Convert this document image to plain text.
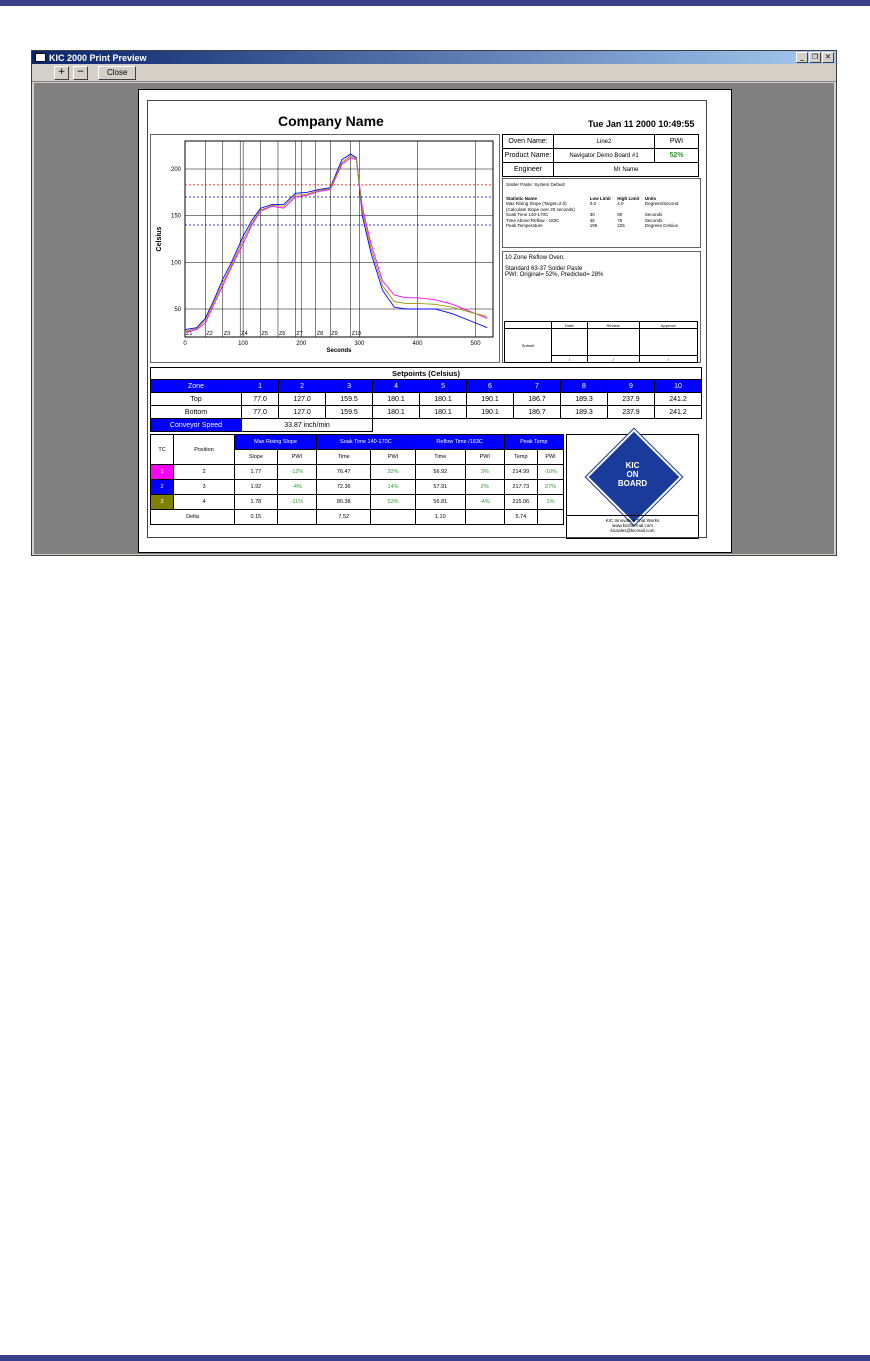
KIC 2000 Print Preview	_	❐ ✕
+	−	Close
Company Name	Tue Jan 11 2000 10:49:55
50
100
150
200
0	100	200	300	400	500
Z1	Z2 Z3 Z4	Z5 Z6 Z7	Z8 Z9	Z10
Seconds
Celsius
Oven Name:	Line2	PWI
Product Name:	Navigator Demo Board #1	52%
Engineer	Mr Name	
Solder Paste: System Default
Statistic Name	Low Limit	High Limit	Units
Max Rising Slope (Target=2.0)	0.0	4.0	Degrees/Second
(Calculate Slope over 20 seconds)
Soak Time 140-170C	30	90	Seconds
Time Above Reflow - 183C	45	75	Seconds
Peak Temperature	195	225	Degrees Celsius
10 Zone Reflow Oven.
Standard 63-37 Solder Paste
PWI: Original= 52%, Predicted= 28%
	Draft	Review	Approve
Submit			
	/	/	/
Setpoints (Celsius)
Zone	1	2	3	4	5	6	7	8	9	10
Top	77.0	127.0	159.5	180.1	180.1	190.1	186.7	189.3	237.9	241.2
Bottom	77.0	127.0	159.5	180.1	180.1	190.1	186.7	189.3	237.9	241.2
Conveyor Speed	33.87 inch/min									
TC	Position	Max Rising Slope		Soak Time 140-170C		Reflow Time /183C		Peak Temp	
		Slope	PWI	Time	PWI	Time	PWI	Temp	PWI
1	2	1.77	-12%	76.47	32%	56.92	3%	214.99	-10%
2	3	1.92	-4%	72.36	14%	57.91	2%	217.73	27%
3	4	1.78	-11%	80.38	52%	56.81	-4%	215.06	1%
Delta		0.15		7.52		1.10		5.74	
KIC
ON
BOARD
KIC Innovation That Works
www.kicthermal.com
kicsales@kicmail.com
